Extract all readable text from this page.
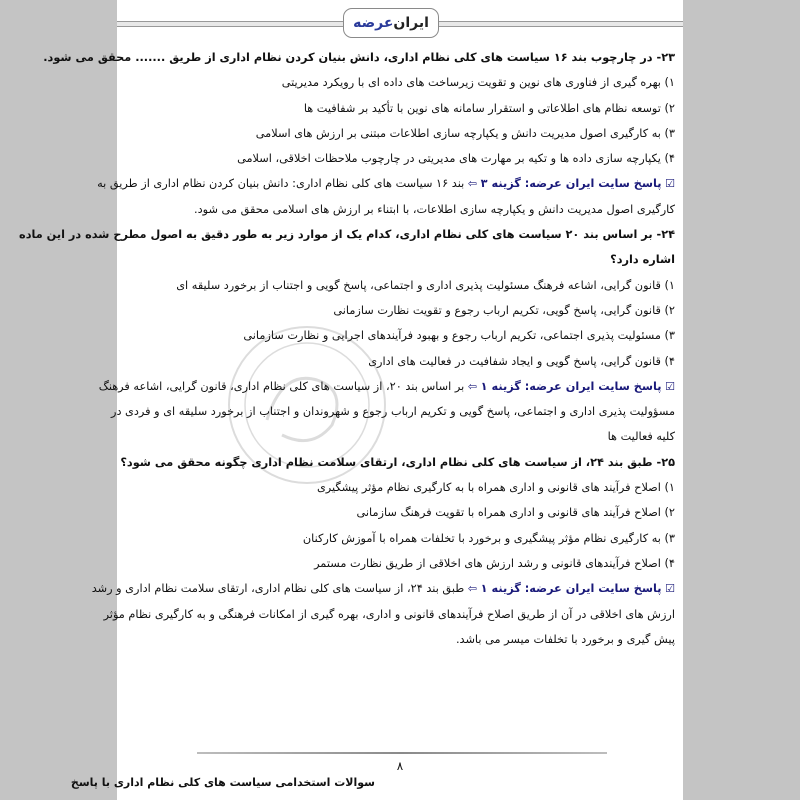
ایران
عرضه
۲۳- در چارچوب بند ۱۶ سیاست های کلی نظام اداری، دانش بنیان کردن نظام اداری از طریق ....... محقق می شود.
۱) بهره گیری از فناوری های نوین و تقویت زیرساخت های داده ای با رویکرد مدیریتی
۲) توسعه نظام های اطلاعاتی و استقرار سامانه های نوین با تأکید بر شفافیت ها
۳) به کارگیری اصول مدیریت دانش و یکپارچه سازی اطلاعات مبتنی بر ارزش های اسلامی
۴) یکپارچه سازی داده ها و تکیه بر مهارت های مدیریتی در چارچوب ملاحظات اخلاقی، اسلامی
☑ پاسخ سایت ایران عرضه: گزینه ۳ ⇦ بند ۱۶ سیاست های کلی نظام اداری: دانش بنیان کردن نظام اداری از طریق به
کارگیری اصول مدیریت دانش و یکپارچه سازی اطلاعات، با ابتناء بر ارزش های اسلامی محقق می شود.
۲۴- بر اساس بند ۲۰ سیاست های کلی نظام اداری، کدام یک از موارد زیر به طور دقیق به اصول مطرح شده در این ماده
اشاره دارد؟
۱) قانون گرایی، اشاعه فرهنگ مسئولیت پذیری اداری و اجتماعی، پاسخ گویی و اجتناب از برخورد سلیقه ای
۲) قانون گرایی، پاسخ گویی، تکریم ارباب رجوع و تقویت نظارت سازمانی
۳) مسئولیت پذیری اجتماعی، تکریم ارباب رجوع و بهبود فرآیندهای اجرایی و نظارت سازمانی
۴) قانون گرایی، پاسخ گویی و ایجاد شفافیت در فعالیت های اداری
☑ پاسخ سایت ایران عرضه: گزینه ۱ ⇦ بر اساس بند ۲۰، از سیاست های کلی نظام اداری، قانون گرایی، اشاعه فرهنگ
مسؤولیت پذیری اداری و اجتماعی، پاسخ گویی و تکریم ارباب رجوع و شهروندان و اجتناب از برخورد سلیقه ای و فردی در
کلیه فعالیت ها
۲۵- طبق بند ۲۴، از سیاست های کلی نظام اداری، ارتقای سلامت نظام اداری چگونه محقق می شود؟
۱) اصلاح فرآیند های قانونی و اداری همراه با به کارگیری نظام مؤثر پیشگیری
۲) اصلاح فرآیند های قانونی و اداری همراه با تقویت فرهنگ سازمانی
۳) به کارگیری نظام مؤثر پیشگیری و برخورد با تخلفات همراه با آموزش کارکنان
۴) اصلاح فرآیندهای قانونی و رشد ارزش های اخلاقی از طریق نظارت مستمر
☑ پاسخ سایت ایران عرضه: گزینه ۱ ⇦ طبق بند ۲۴، از سیاست های کلی نظام اداری، ارتقای سلامت نظام اداری و رشد
ارزش های اخلاقی در آن از طریق اصلاح فرآیندهای قانونی و اداری، بهره گیری از امکانات فرهنگی و به کارگیری نظام مؤثر
پیش گیری و برخورد با تخلفات میسر می باشد.
۸
سوالات استخدامی سیاست های کلی نظام اداری با پاسخ
